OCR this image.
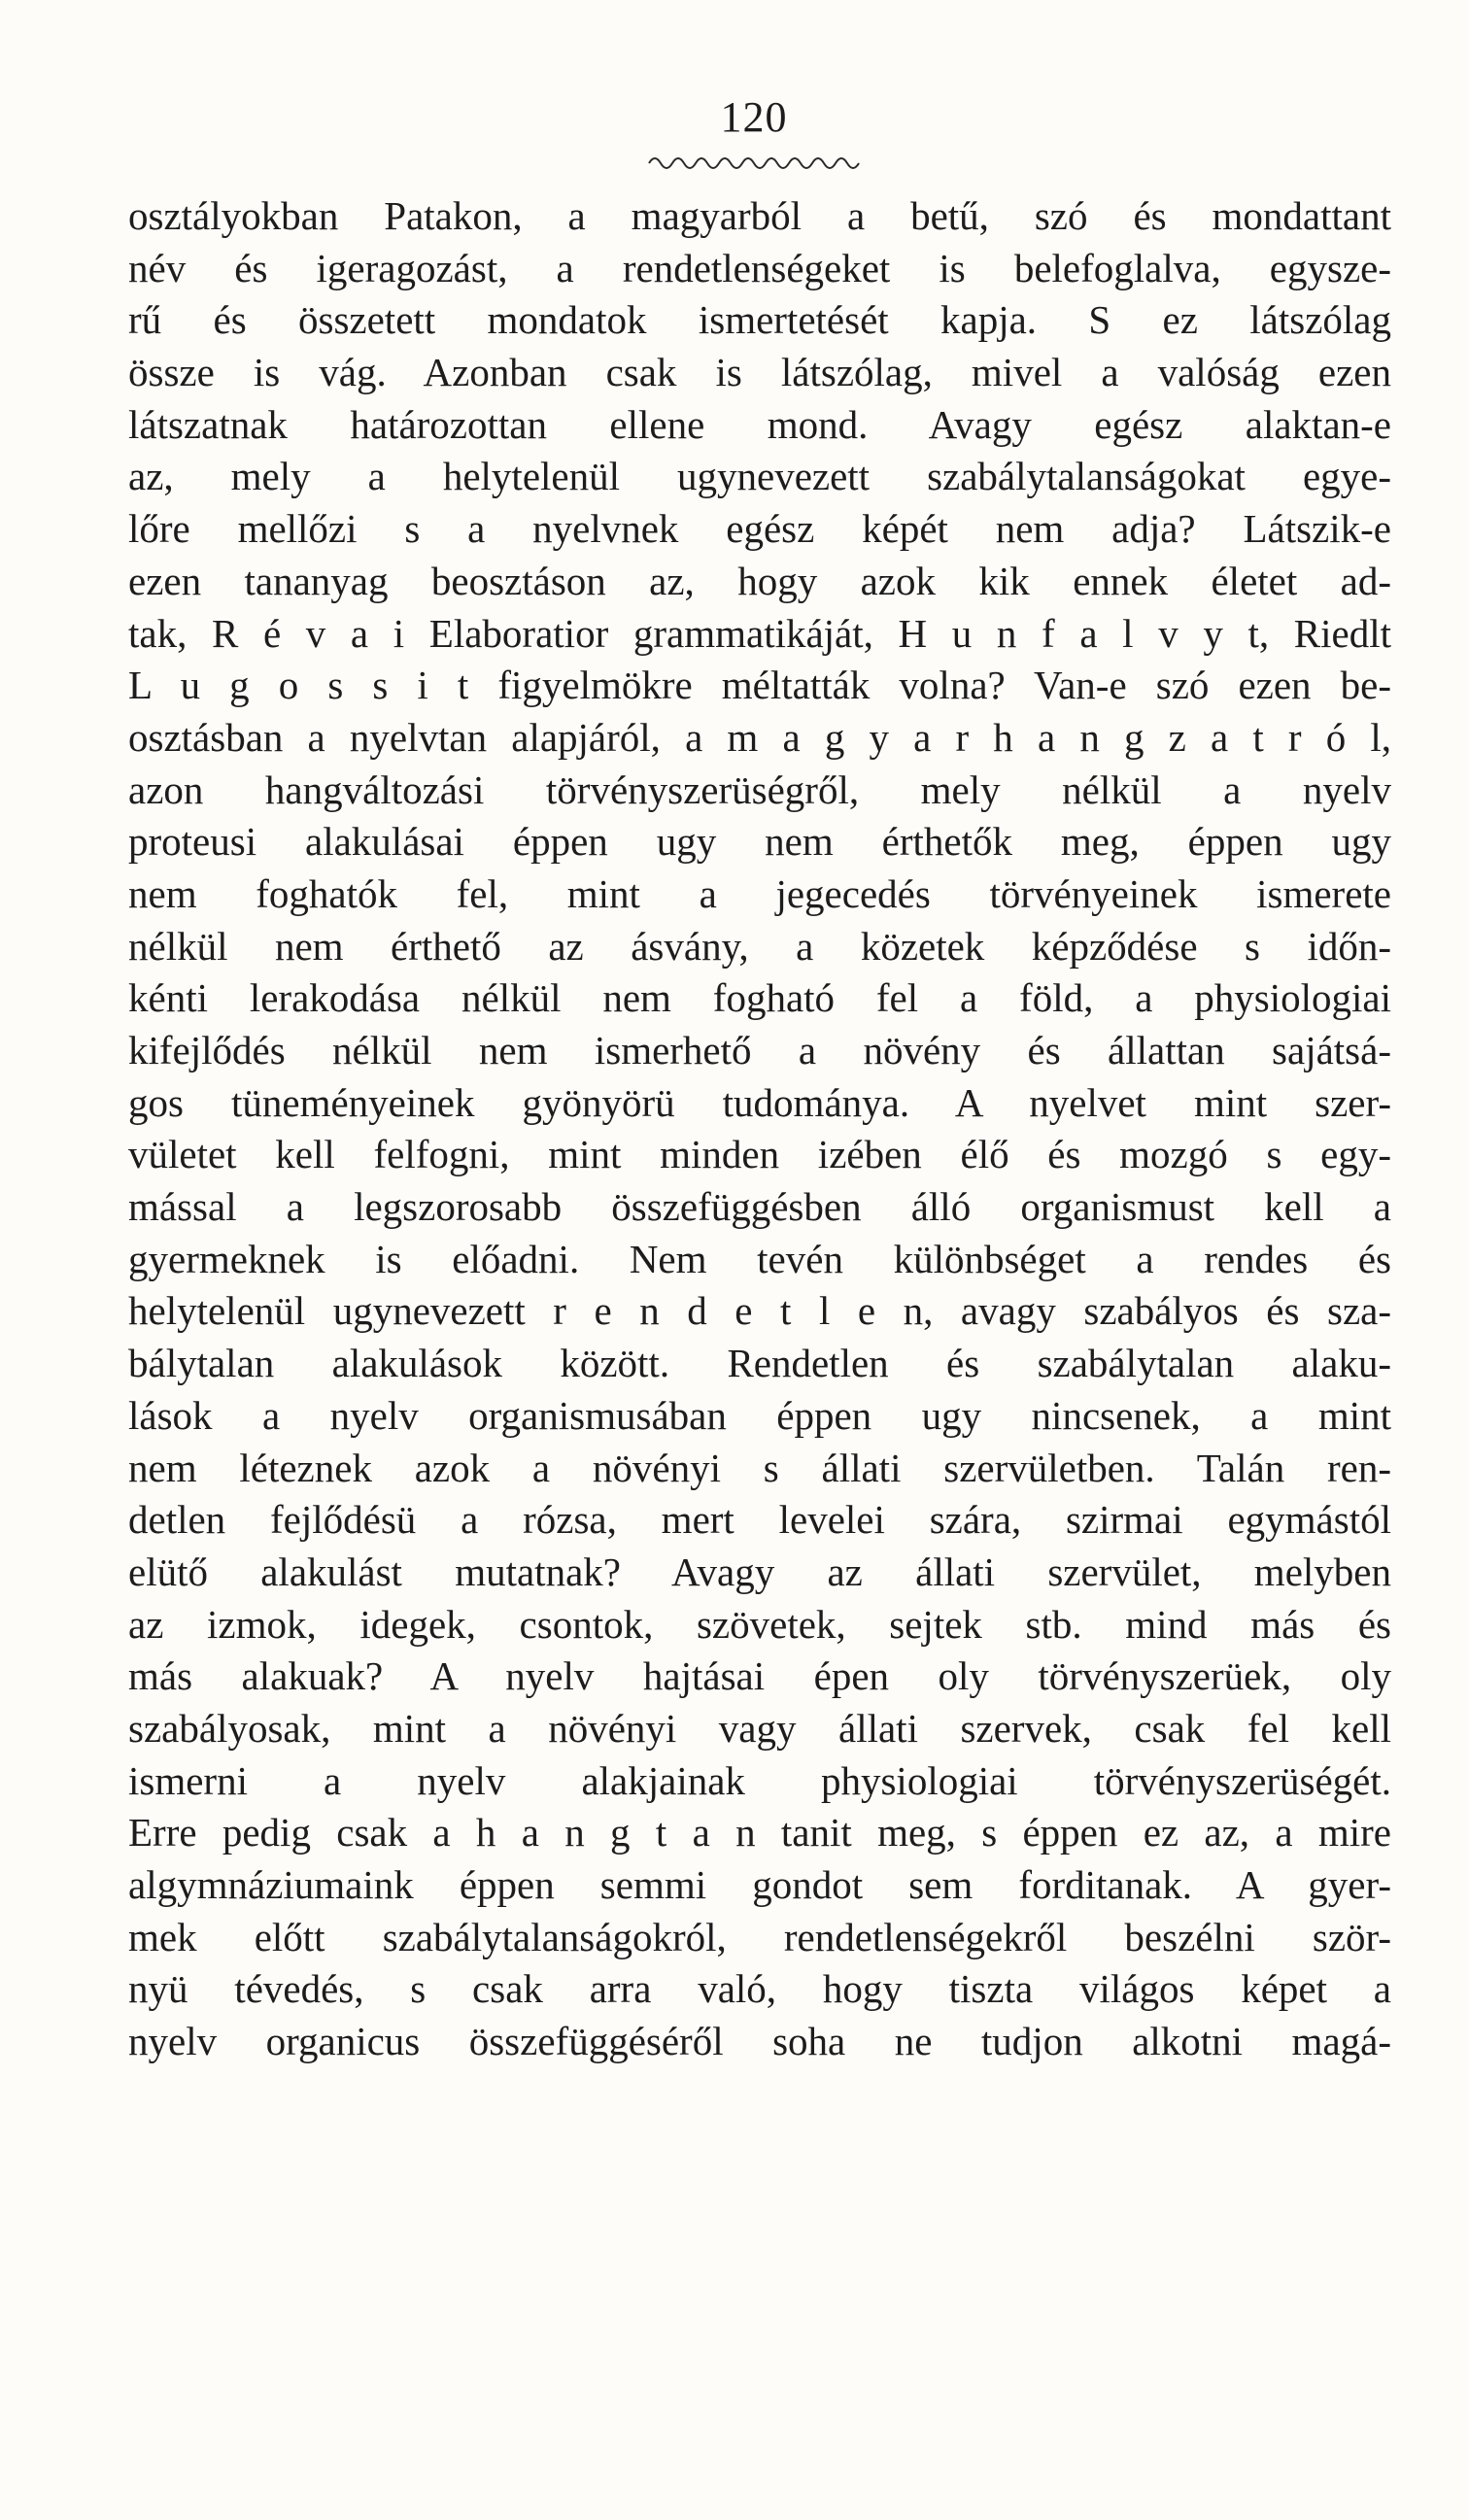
120
osztályokban Patakon, a magyarból a betű, szó és mondattant
név és igeragozást, a rendetlenségeket is belefoglalva, egysze-
rű és összetett mondatok ismertetését kapja. S ez látszólag
össze is vág. Azonban csak is látszólag, mivel a valóság ezen
látszatnak határozottan ellene mond. Avagy egész alaktan-e
az, mely a helytelenül ugynevezett szabálytalanságokat egye-
lőre mellőzi s a nyelvnek egész képét nem adja? Látszik-e
ezen tananyag beosztáson az, hogy azok kik ennek életet ad-
tak, R é v a i Elaboratior grammatikáját, H u n f a l v y t, Riedlt
L u g o s s i t figyelmökre méltatták volna? Van-e szó ezen be-
osztásban a nyelvtan alapjáról, a m a g y a r h a n g z a t r ó l,
azon hangváltozási törvényszerüségről, mely nélkül a nyelv
proteusi alakulásai éppen ugy nem érthetők meg, éppen ugy
nem foghatók fel, mint a jegecedés törvényeinek ismerete
nélkül nem érthető az ásvány, a közetek képződése s időn-
kénti lerakodása nélkül nem fogható fel a föld, a physiologiai
kifejlődés nélkül nem ismerhető a növény és állattan sajátsá-
gos tüneményeinek gyönyörü tudománya. A nyelvet mint szer-
vületet kell felfogni, mint minden izében élő és mozgó s egy-
mással a legszorosabb összefüggésben álló organismust kell a
gyermeknek is előadni. Nem tevén különbséget a rendes és
helytelenül ugynevezett r e n d e t l e n, avagy szabályos és sza-
bálytalan alakulások között. Rendetlen és szabálytalan alaku-
lások a nyelv organismusában éppen ugy nincsenek, a mint
nem léteznek azok a növényi s állati szervületben. Talán ren-
detlen fejlődésü a rózsa, mert levelei szára, szirmai egymástól
elütő alakulást mutatnak? Avagy az állati szervület, melyben
az izmok, idegek, csontok, szövetek, sejtek stb. mind más és
más alakuak? A nyelv hajtásai épen oly törvényszerüek, oly
szabályosak, mint a növényi vagy állati szervek, csak fel kell
ismerni a nyelv alakjainak physiologiai törvényszerüségét.
Erre pedig csak a h a n g t a n tanit meg, s éppen ez az, a mire
algymnáziumaink éppen semmi gondot sem forditanak. A gyer-
mek előtt szabálytalanságokról, rendetlenségekről beszélni ször-
nyü tévedés, s csak arra való, hogy tiszta világos képet a
nyelv organicus összefüggéséről soha ne tudjon alkotni magá-
